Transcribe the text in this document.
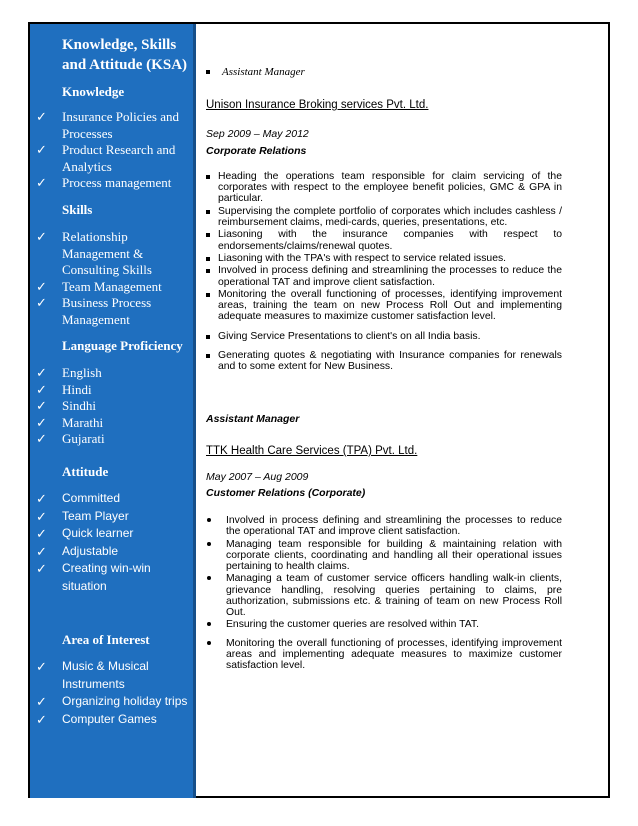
Knowledge, Skills and Attitude (KSA)
Knowledge
✓ Insurance Policies and Processes
✓ Product Research and Analytics
✓ Process management
Skills
✓ Relationship Management & Consulting Skills
✓ Team Management
✓ Business Process Management
Language Proficiency
✓ English
✓ Hindi
✓ Sindhi
✓ Marathi
✓ Gujarati
Attitude
✓ Committed
✓ Team Player
✓ Quick learner
✓ Adjustable
✓ Creating win-win situation
Area of Interest
✓ Music & Musical Instruments
✓ Organizing holiday trips
✓ Computer Games
Assistant Manager
Unison Insurance Broking services Pvt. Ltd.
Sep 2009 – May 2012
Corporate Relations
Heading the operations team responsible for claim servicing of the corporates with respect to the employee benefit policies, GMC & GPA in particular.
Supervising the complete portfolio of corporates which includes cashless / reimbursement claims, medi-cards, queries, presentations, etc.
Liasoning with the insurance companies with respect to endorsements/claims/renewal quotes.
Liasoning with the TPA's with respect to service related issues.
Involved in process defining and streamlining the processes to reduce the operational TAT and improve client satisfaction.
Monitoring the overall functioning of processes, identifying improvement areas, training the team on new Process Roll Out and implementing adequate measures to maximize customer satisfaction level.
Giving Service Presentations to client's on all India basis.
Generating quotes & negotiating with Insurance companies for renewals and to some extent for New Business.
Assistant Manager
TTK Health Care Services (TPA) Pvt. Ltd.
May 2007 – Aug 2009
Customer Relations (Corporate)
Involved in process defining and streamlining the processes to reduce the operational TAT and improve client satisfaction.
Managing team responsible for building & maintaining relation with corporate clients, coordinating and handling all their operational issues pertaining to health claims.
Managing a team of customer service officers handling walk-in clients, grievance handling, resolving queries pertaining to claims, pre authorization, submissions etc. & training of team on new Process Roll Out.
Ensuring the customer queries are resolved within TAT.
Monitoring the overall functioning of processes, identifying improvement areas and implementing adequate measures to maximize customer satisfaction level.
